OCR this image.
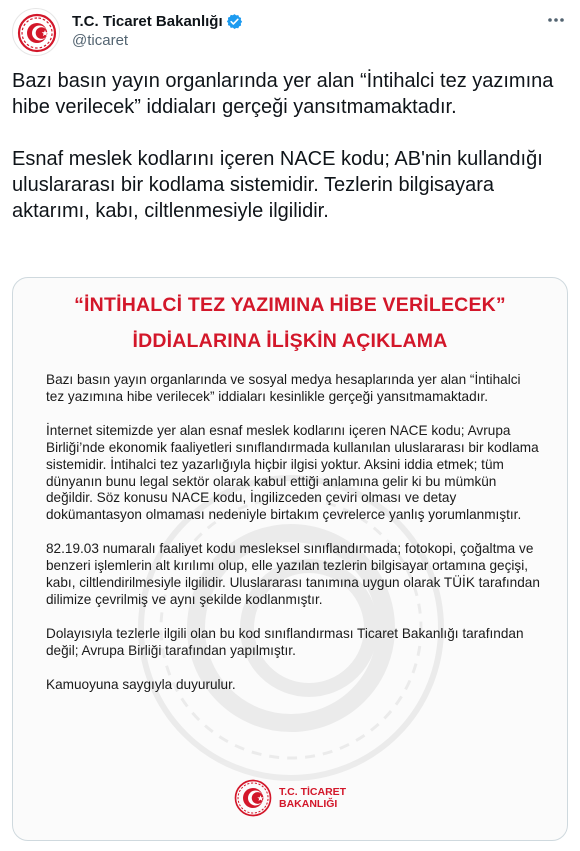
T.C. Ticaret Bakanlığı
@ticaret

Bazı basın yayın organlarında yer alan “İntihalci tez yazımına hibe verilecek” iddiaları gerçeği yansıtmamaktadır.

Esnaf meslek kodlarını içeren NACE kodu; AB'nin kullandığı uluslararası bir kodlama sistemidir. Tezlerin bilgisayara aktarımı, kabı, ciltlenmesiyle ilgilidir.

“İNTİHALCİ TEZ YAZIMINA HİBE VERİLECEK”
İDDİALARINA İLİŞKİN AÇIKLAMA

Bazı basın yayın organlarında ve sosyal medya hesaplarında yer alan “İntihalci tez yazımına hibe verilecek” iddiaları kesinlikle gerçeği yansıtmamaktadır.

İnternet sitemizde yer alan esnaf meslek kodlarını içeren NACE kodu; Avrupa Birliği’nde ekonomik faaliyetleri sınıflandırmada kullanılan uluslararası bir kodlama sistemidir. İntihalci tez yazarlığıyla hiçbir ilgisi yoktur. Aksini iddia etmek; tüm dünyanın bunu legal sektör olarak kabul ettiği anlamına gelir ki bu mümkün değildir. Söz konusu NACE kodu, İngilizceden çeviri olması ve detay dokümantasyon olmaması nedeniyle birtakım çevrelerce yanlış yorumlanmıştır.

82.19.03 numaralı faaliyet kodu mesleksel sınıflandırmada; fotokopi, çoğaltma ve benzeri işlemlerin alt kırılımı olup, elle yazılan tezlerin bilgisayar ortamına geçişi, kabı, ciltlendirilmesiyle ilgilidir. Uluslararası tanımına uygun olarak TÜİK tarafından dilimize çevrilmiş ve aynı şekilde kodlanmıştır.

Dolayısıyla tezlerle ilgili olan bu kod sınıflandırması Ticaret Bakanlığı tarafından değil; Avrupa Birliği tarafından yapılmıştır.

Kamuoyuna saygıyla duyurulur.

T.C. TİCARET
BAKANLIĞI
